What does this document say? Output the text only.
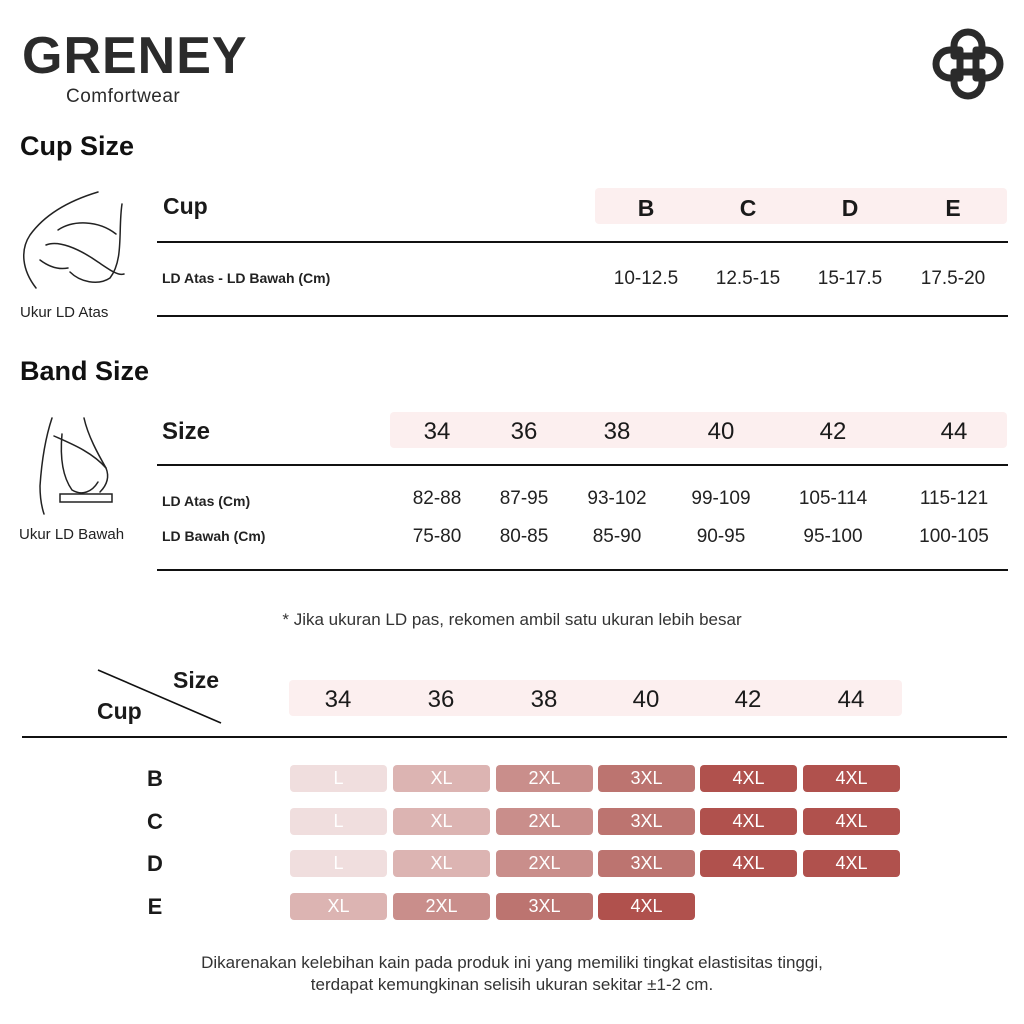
GRENEY
Comfortwear
Cup Size
Ukur LD Atas
Cup	B	C	D	E
LD Atas - LD Bawah (Cm)	10-12.5	12.5-15	15-17.5	17.5-20
Band Size
Ukur LD Bawah
Size	34	36	38	40	42	44
LD Atas (Cm)	82-88	87-95	93-102	99-109	105-114	115-121
LD Bawah (Cm)	75-80	80-85	85-90	90-95	95-100	100-105
* Jika ukuran LD pas, rekomen ambil satu ukuran lebih besar
Size
Cup	34	36	38	40	42	44
B	L	XL	2XL	3XL	4XL	4XL
C	L	XL	2XL	3XL	4XL	4XL
D	L	XL	2XL	3XL	4XL	4XL
E	XL	2XL	3XL	4XL
Dikarenakan kelebihan kain pada produk ini yang memiliki tingkat elastisitas tinggi,
terdapat kemungkinan selisih ukuran sekitar ±1-2 cm.
